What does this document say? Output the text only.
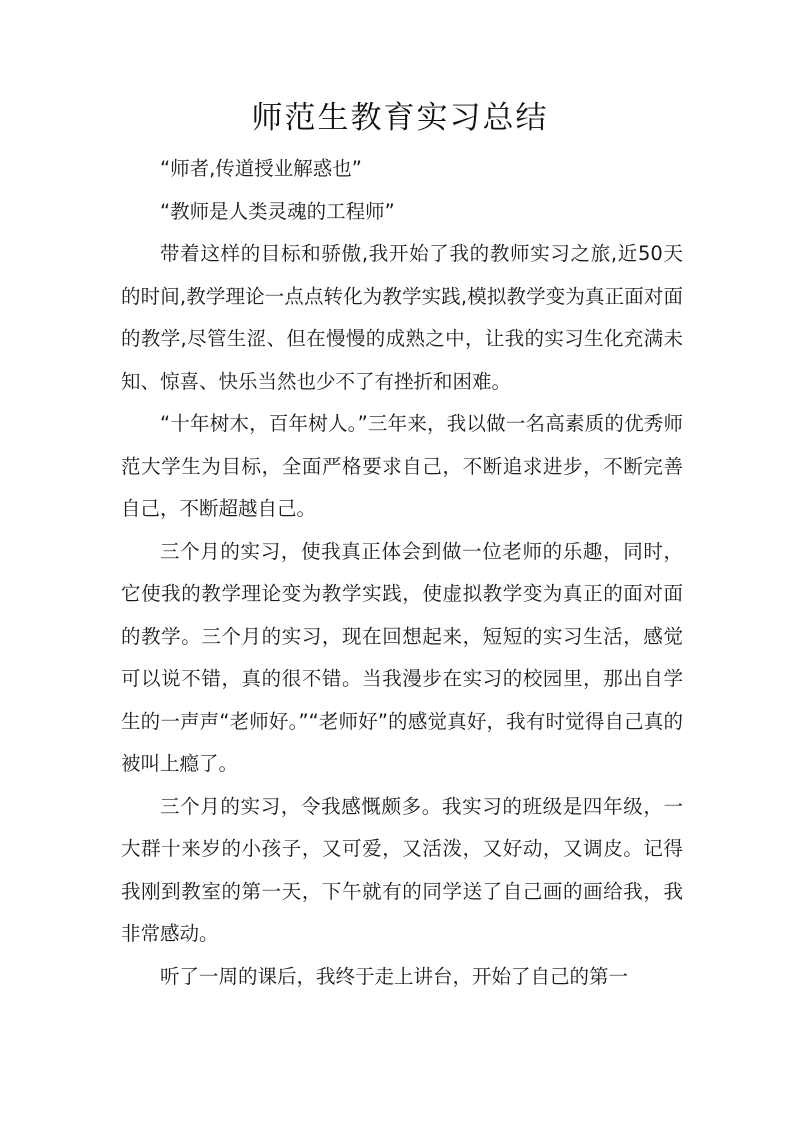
师范生教育实习总结

“师者,传道授业解惑也”

“教师是人类灵魂的工程师”

带着这样的目标和骄傲,我开始了我的教师实习之旅,近50天的时间,教学理论一点点转化为教学实践,模拟教学变为真正面对面的教学,尽管生涩、但在慢慢的成熟之中，让我的实习生化充满未知、惊喜、快乐当然也少不了有挫折和困难。

“十年树木，百年树人。”三年来，我以做一名高素质的优秀师范大学生为目标，全面严格要求自己，不断追求进步，不断完善自己，不断超越自己。

三个月的实习，使我真正体会到做一位老师的乐趣，同时，它使我的教学理论变为教学实践，使虚拟教学变为真正的面对面的教学。三个月的实习，现在回想起来，短短的实习生活，感觉可以说不错，真的很不错。当我漫步在实习的校园里，那出自学生的一声声“老师好。”“老师好”的感觉真好，我有时觉得自己真的被叫上瘾了。

三个月的实习，令我感慨颇多。我实习的班级是四年级，一大群十来岁的小孩子，又可爱，又活泼，又好动，又调皮。记得我刚到教室的第一天，下午就有的同学送了自己画的画给我，我非常感动。

听了一周的课后，我终于走上讲台，开始了自己的第一
